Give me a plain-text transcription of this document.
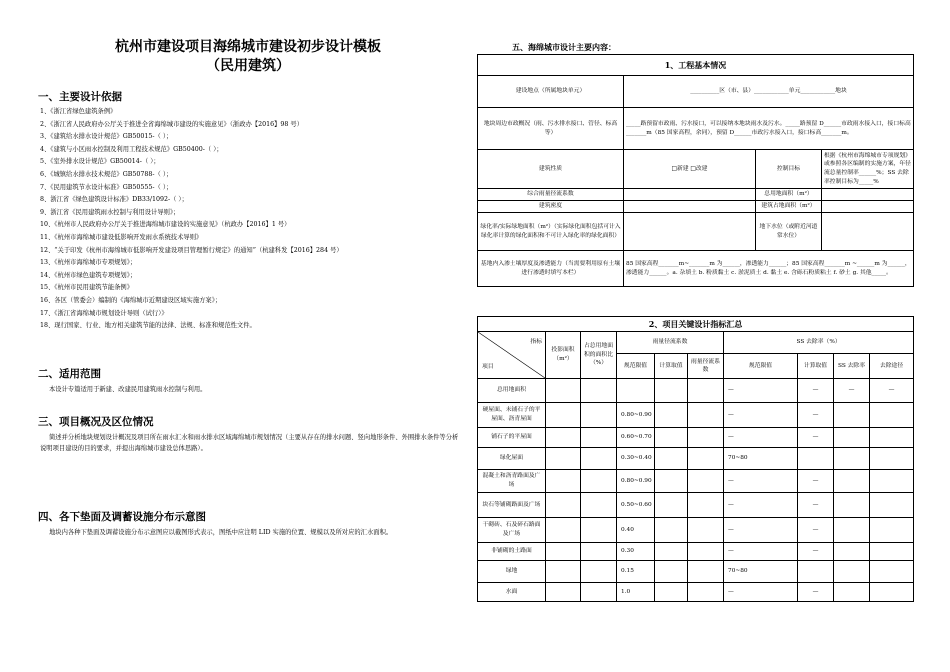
杭州市建设项目海绵城市建设初步设计模板
（民用建筑）
一、主要设计依据
1、《浙江省绿色建筑条例》
2、《浙江省人民政府办公厅关于推进全省海绵城市建设的实施意见》（浙政办【2016】98 号）
3、《建筑给水排水设计规范》GB50015-（ ）；
4、《建筑与小区雨水控制及利用工程技术规范》GB50400-（ ）；
5、《室外排水设计规范》GB50014-（ ）；
6、《城镇给水排水技术规范》GB50788-（ ）；
7、《民用建筑节水设计标准》GB50555-（ ）；
8、浙江省《绿色建筑设计标准》DB33/1092-（ ）；
9、浙江省《民用建筑雨水控制与利用设计导则》；
10、《杭州市人民政府办公厅关于推进海绵城市建设的实施意见》（杭政办【2016】1 号）
11、《杭州市海绵城市建设低影响开发雨水系统技术导则》
12、“关于印发《杭州市海绵城市低影响开发建设项目管理暂行规定》的通知”（杭建科发【2016】284 号）
13、《杭州市海绵城市专项规划》；
14、《杭州市绿色建筑专项规划》；
15、《杭州市民用建筑节能条例》
16、各区（管委会）编制的《海绵城市近期建设区域实施方案》；
17、《浙江省海绵城市规划设计导则（试行）》
18、现行国家、行业、地方相关建筑节能的法律、法规、标准和规范性文件。
二、适用范围
本设计专篇适用于新建、改建民用建筑雨水控制与利用。
三、项目概况及区位情况
简述并分析地块规划设计概况及项目所在雨水汇水和雨水排水区域海绵城市规划情况（主要从存在的排水问题、竖向地形条件、外围排水条件等分析说明项目建设的目的要求，并提出海绵城市建设总体思路）。
四、各下垫面及调蓄设施分布示意图
地块内各种下垫面及调蓄设施分布示意图应以截图形式表示，图纸中应注明 LID 实施的位置、规模以及所对应的汇水面积。
五、海绵城市设计主要内容：
1、工程基本情况			
建设地点（所属地块单元）	__________区（市、县）____________单元____________地块		
地块周边市政概况（雨、污水排水接口、管径、标高等）	_____路预留市政雨、污水接口，可以接纳本地块雨水及污水。_____路预留 D______市政雨水接入口，接口标高_______m（85 国家高程，余同），预留 D______市政污水接入口，接口标高_______m。		
建筑性质	□新建 □改建	控制目标	根据《杭州市海绵城市专项规划》或参照各区编制的实施方案，年径流总量控制率______%；SS 去除率控制目标为_____%
综合雨量径流系数		总用地面积（m²）	
建筑密度		建筑占地面积（m²）	
绿化率/实际绿地面积（m²）（实际绿化面积包括可计入绿化率计算的绿化面积和不可计入绿化率的绿化面积）		地下水位（或附近河道常水位）	
基地内入渗土壤厚度及渗透能力（当需要利用原有土壤进行渗透时填写本栏）	85 国家高程_______m~_______m 为______，渗透能力______；85 国家高程_______m ~______m 为______，渗透能力______。a. 杂填土 b. 粉质黏土 c. 淤泥质土 d. 黏土 e. 含砾石粉质粘土 f. 砂土 g. 其他_____。		
2、项目关键设计指标汇总									

指标
项目	投影面积（m²）	占总用地面积的面积比（%）	雨量径流系数			SS 去除率（%）			
			规范限值	计算取值	雨量径流系数	规范限值	计算取值	SS 去除率	去除途径
总用地面积						—	—	—	—
硬屋面、未铺石子的平屋面、沥青屋面			0.80~0.90			—	—		
铺石子的平屋面			0.60~0.70			—	—		
绿化屋面			0.30~0.40			70~80			
混凝土和沥青路面及广场			0.80~0.90			—	—		
块石等铺砌路面及广场			0.50~0.60			—	—		
干砌砖、石及碎石路面及广场			0.40			—	—		
非铺砌的土路面			0.30			—	—		
绿地			0.15			70~80			
水面			1.0			—	—		
